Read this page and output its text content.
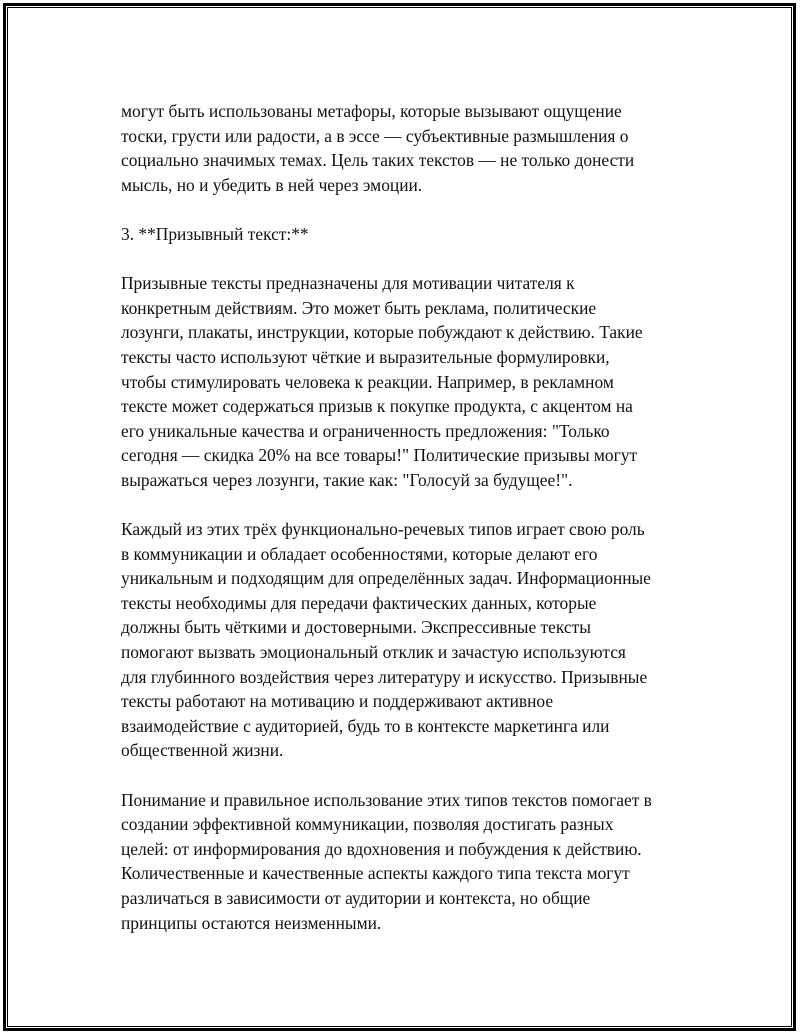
могут быть использованы метафоры, которые вызывают ощущение
тоски, грусти или радости, а в эссе — субъективные размышления о
социально значимых темах. Цель таких текстов — не только донести
мысль, но и убедить в ней через эмоции.

3. **Призывный текст:**

Призывные тексты предназначены для мотивации читателя к
конкретным действиям. Это может быть реклама, политические
лозунги, плакаты, инструкции, которые побуждают к действию. Такие
тексты часто используют чёткие и выразительные формулировки,
чтобы стимулировать человека к реакции. Например, в рекламном
тексте может содержаться призыв к покупке продукта, с акцентом на
его уникальные качества и ограниченность предложения: "Только
сегодня — скидка 20% на все товары!" Политические призывы могут
выражаться через лозунги, такие как: "Голосуй за будущее!".

Каждый из этих трёх функционально-речевых типов играет свою роль
в коммуникации и обладает особенностями, которые делают его
уникальным и подходящим для определённых задач. Информационные
тексты необходимы для передачи фактических данных, которые
должны быть чёткими и достоверными. Экспрессивные тексты
помогают вызвать эмоциональный отклик и зачастую используются
для глубинного воздействия через литературу и искусство. Призывные
тексты работают на мотивацию и поддерживают активное
взаимодействие с аудиторией, будь то в контексте маркетинга или
общественной жизни.

Понимание и правильное использование этих типов текстов помогает в
создании эффективной коммуникации, позволяя достигать разных
целей: от информирования до вдохновения и побуждения к действию.
Количественные и качественные аспекты каждого типа текста могут
различаться в зависимости от аудитории и контекста, но общие
принципы остаются неизменными.
